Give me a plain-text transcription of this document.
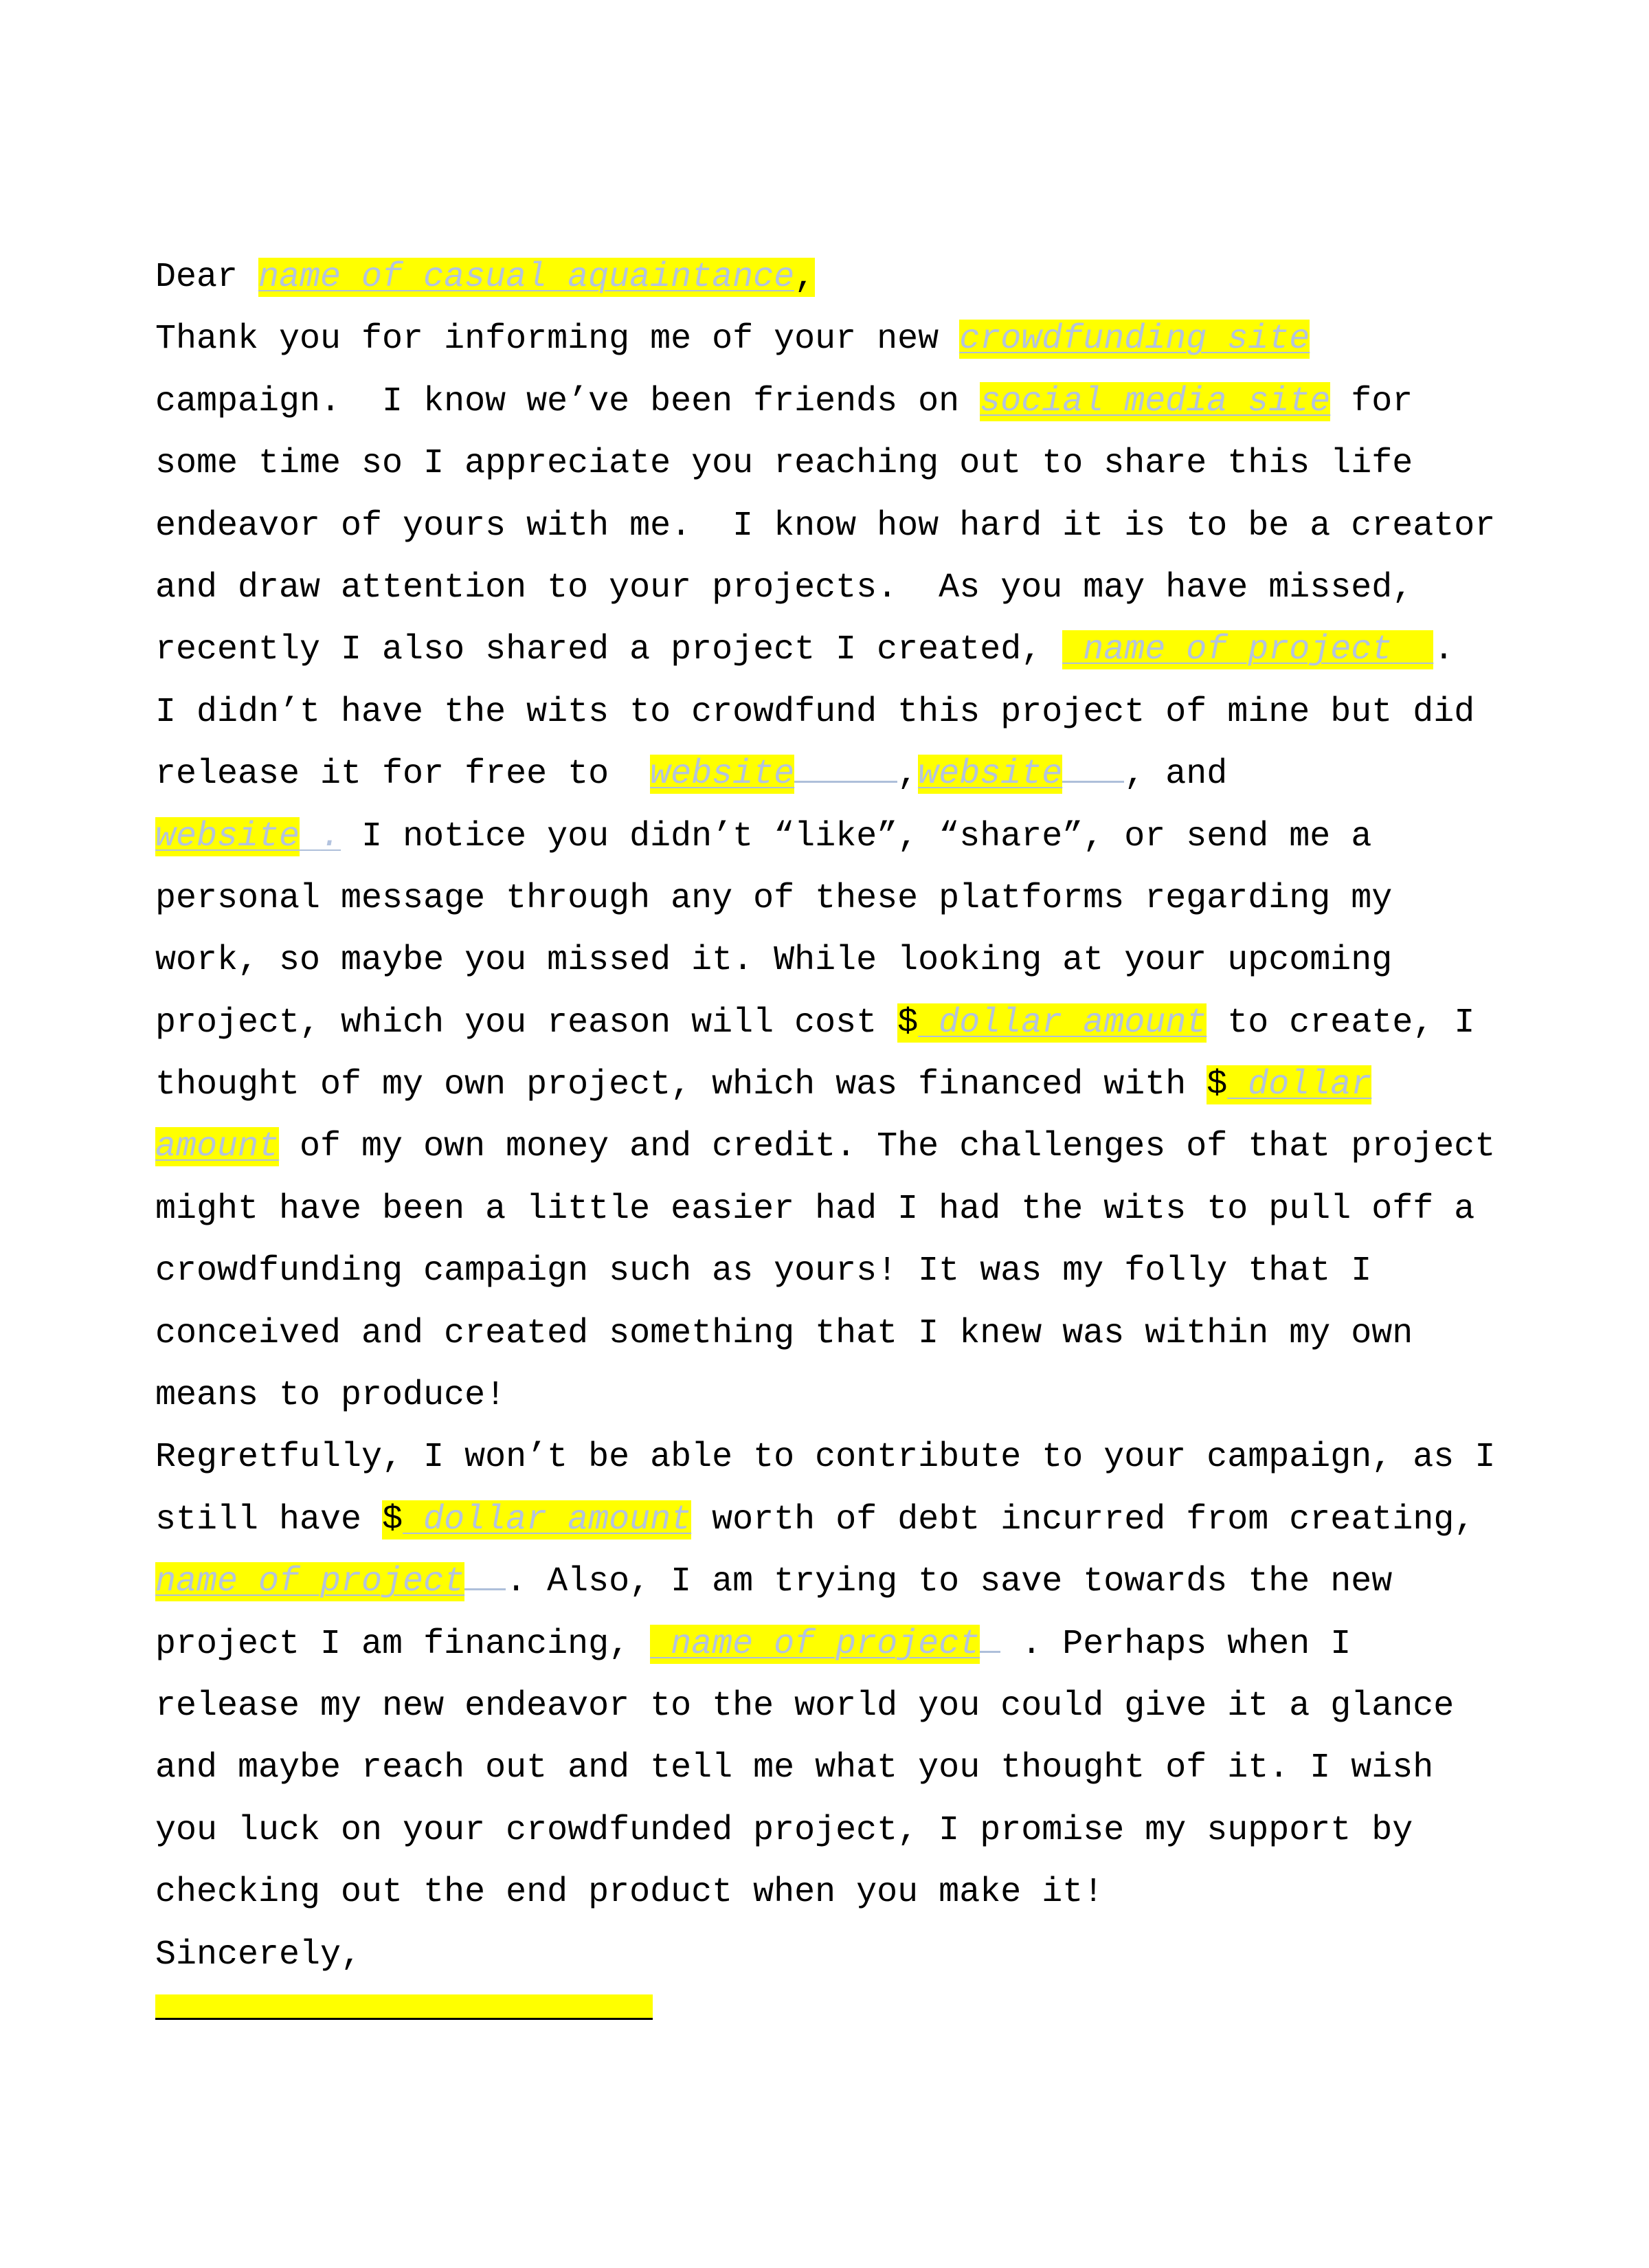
Dear name of casual aquaintance,
Thank you for informing me of your new crowdfunding site
campaign.  I know we’ve been friends on social media site for
some time so I appreciate you reaching out to share this life
endeavor of yours with me.  I know how hard it is to be a creator
and draw attention to your projects.  As you may have missed,
recently I also shared a project I created,  name of project .
I didn’t have the wits to crowdfund this project of mine but did
release it for free to  website	,website , and
website . I notice you didn’t “like”, “share”, or send me a
personal message through any of these platforms regarding my
work, so maybe you missed it. While looking at your upcoming
project, which you reason will cost $ dollar amount to create, I
thought of my own project, which was financed with $ dollar
amount of my own money and credit. The challenges of that project
might have been a little easier had I had the wits to pull off a
crowdfunding campaign such as yours! It was my folly that I
conceived and created something that I knew was within my own
means to produce!
Regretfully, I won’t be able to contribute to your campaign, as I
still have $ dollar amount worth of debt incurred from creating,
name of project . Also, I am trying to save towards the new
project I am financing,  name of project . Perhaps when I
release my new endeavor to the world you could give it a glance
and maybe reach out and tell me what you thought of it. I wish
you luck on your crowdfunded project, I promise my support by
checking out the end product when you make it!
Sincerely,
